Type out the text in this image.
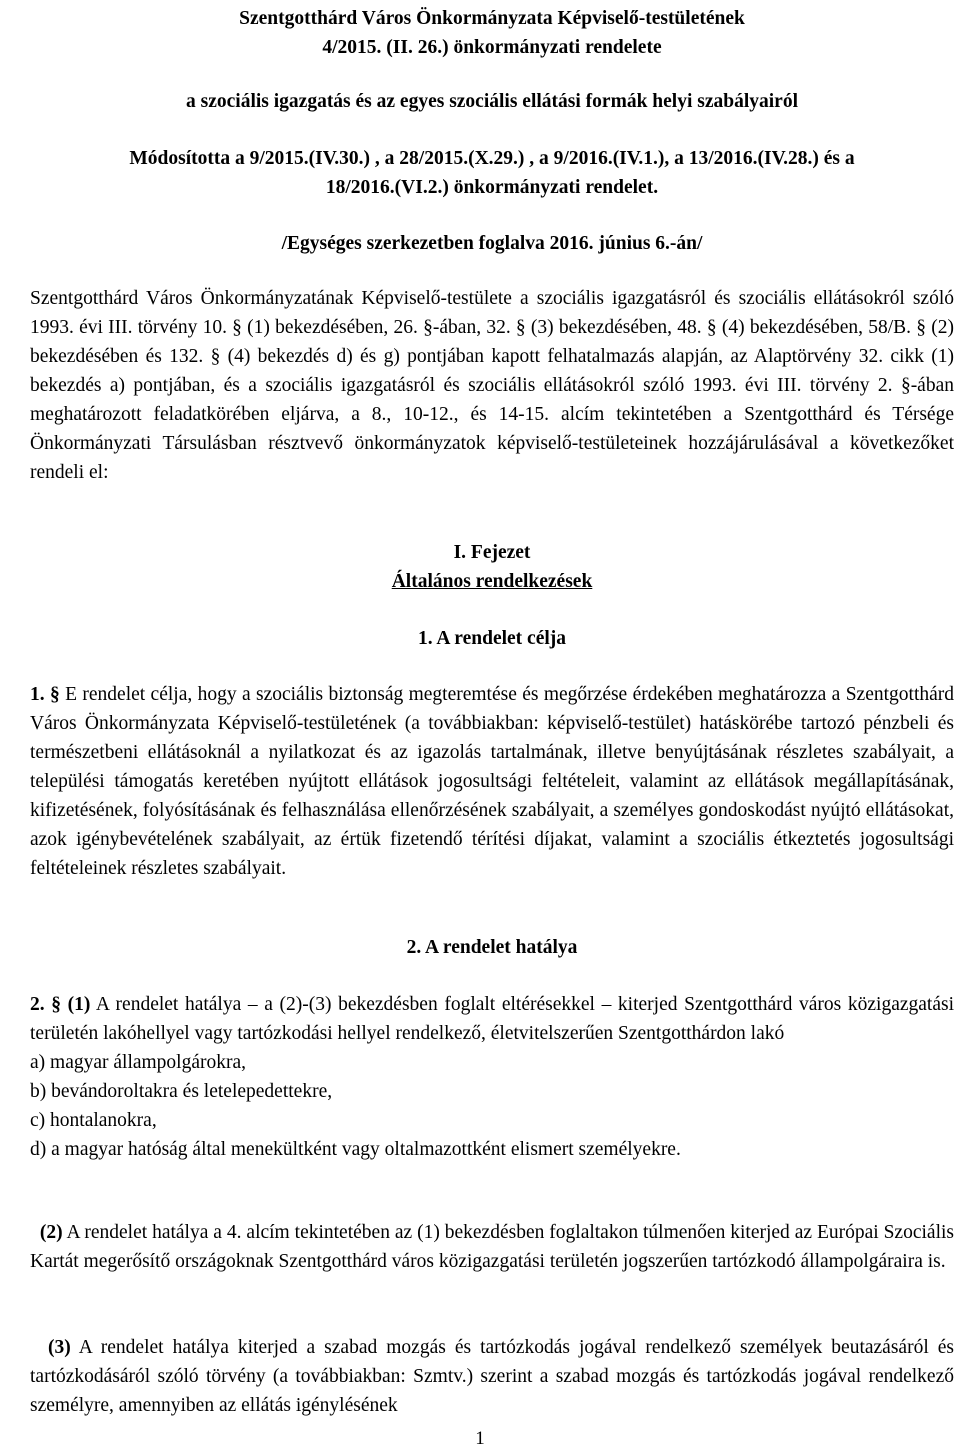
Szentgotthárd Város Önkormányzata Képviselő-testületének

4/2015. (II. 26.) önkormányzati rendelete

a szociális igazgatás és az egyes szociális ellátási formák helyi szabályairól

Módosította a 9/2015.(IV.30.) , a 28/2015.(X.29.) , a 9/2016.(IV.1.), a 13/2016.(IV.28.) és a

18/2016.(VI.2.) önkormányzati rendelet.

/Egységes szerkezetben foglalva 2016. június 6.-án/

Szentgotthárd Város Önkormányzatának Képviselő-testülete a szociális igazgatásról és szociális ellátásokról szóló 1993. évi III. törvény 10. § (1) bekezdésében, 26. §-ában, 32. § (3) bekezdésében, 48. § (4) bekezdésében, 58/B. § (2) bekezdésében és 132. § (4) bekezdés d) és g) pontjában kapott felhatalmazás alapján, az Alaptörvény 32. cikk (1) bekezdés a) pontjában, és a szociális igazgatásról és szociális ellátásokról szóló 1993. évi III. törvény 2. §-ában meghatározott feladatkörében eljárva, a 8., 10-12., és 14-15. alcím tekintetében a Szentgotthárd és Térsége Önkormányzati Társulásban résztvevő önkormányzatok képviselő-testületeinek hozzájárulásával a következőket rendeli el:

I. Fejezet

Általános rendelkezések

1. A rendelet célja

1. § E rendelet célja, hogy a szociális biztonság megteremtése és megőrzése érdekében meghatározza a Szentgotthárd Város Önkormányzata Képviselő-testületének (a továbbiakban: képviselő-testület) hatáskörébe tartozó pénzbeli és természetbeni ellátásoknál a nyilatkozat és az igazolás tartalmának, illetve benyújtásának részletes szabályait, a települési támogatás keretében nyújtott ellátások jogosultsági feltételeit, valamint az ellátások megállapításának, kifizetésének, folyósításának és felhasználása ellenőrzésének szabályait, a személyes gondoskodást nyújtó ellátásokat, azok igénybevételének szabályait, az értük fizetendő térítési díjakat, valamint a szociális étkeztetés jogosultsági feltételeinek részletes szabályait.

2. A rendelet hatálya

2. § (1) A rendelet hatálya – a (2)-(3) bekezdésben foglalt eltérésekkel – kiterjed Szentgotthárd város közigazgatási területén lakóhellyel vagy tartózkodási hellyel rendelkező, életvitelszerűen Szentgotthárdon lakó

a) magyar állampolgárokra,
b) bevándoroltakra és letelepedettekre,
c) hontalanokra,
d) a magyar hatóság által menekültként vagy oltalmazottként elismert személyekre.

(2) A rendelet hatálya a 4. alcím tekintetében az (1) bekezdésben foglaltakon túlmenően kiterjed az Európai Szociális Kartát megerősítő országoknak Szentgotthárd város közigazgatási területén jogszerűen tartózkodó állampolgáraira is.

(3) A rendelet hatálya kiterjed a szabad mozgás és tartózkodás jogával rendelkező személyek beutazásáról és tartózkodásáról szóló törvény (a továbbiakban: Szmtv.) szerint a szabad mozgás és tartózkodás jogával rendelkező személyre, amennyiben az ellátás igénylésének

1
